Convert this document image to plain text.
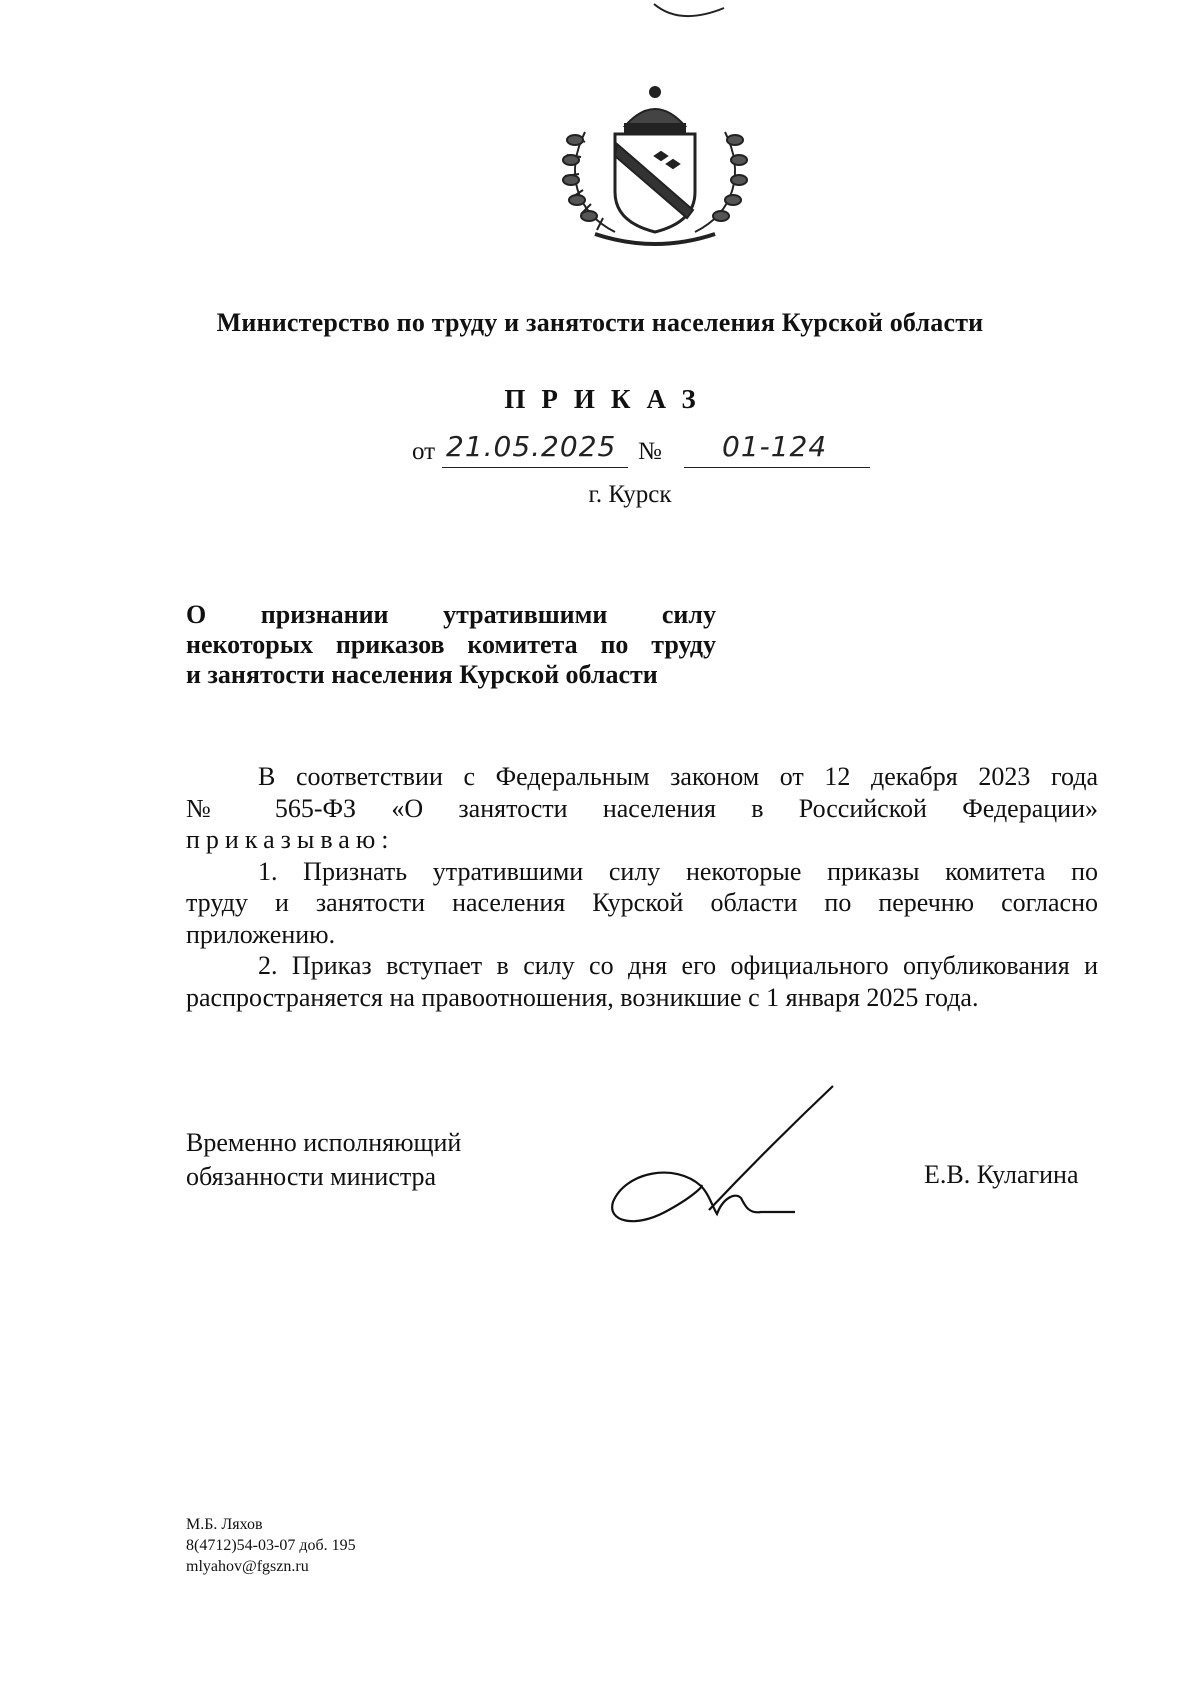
Министерство по труду и занятости населения Курской области
ПРИКАЗ
от 21.05.2025 № 01-124
г. Курск
О признании утратившими силу
некоторых приказов комитета по труду
и занятости населения Курской области
В соответствии с Федеральным законом от 12 декабря 2023 года
№ 565-ФЗ «О занятости населения в Российской Федерации»
приказываю:
1. Признать утратившими силу некоторые приказы комитета по
труду и занятости населения Курской области по перечню согласно
приложению.
2. Приказ вступает в силу со дня его официального опубликования и
распространяется на правоотношения, возникшие с 1 января 2025 года.
Временно исполняющий
обязанности министра	Е.В. Кулагина
М.Б. Ляхов
8(4712)54-03-07 доб. 195
mlyahov@fgszn.ru
